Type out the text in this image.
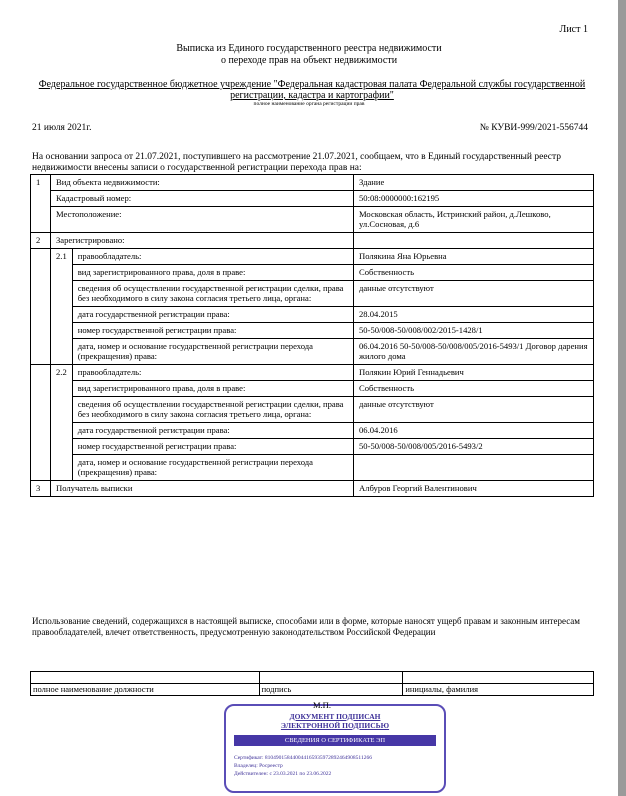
Лист 1
Выписка из Единого государственного реестра недвижимости
о переходе прав на объект недвижимости
Федеральное государственное бюджетное учреждение "Федеральная кадастровая палата Федеральной службы государственной
регистрации, кадастра и картографии"
полное наименование органа регистрации прав
21 июля 2021г.	№ КУВИ-999/2021-556744
На основании запроса от 21.07.2021, поступившего на рассмотрение 21.07.2021, сообщаем, что в Единый государственный реестр недвижимости внесены записи о государственной регистрации перехода прав на:
1	Вид объекта недвижимости:		Здание
	Кадастровый номер:		50:08:0000000:162195
	Местоположение:		Московская область, Истринский район, д.Лешково, ул.Сосновая, д.6
2	Зарегистрировано:		
	2.1	правообладатель:	Полякина Яна Юрьевна
		вид зарегистрированного права, доля в праве:	Собственность
		сведения об осуществлении государственной регистрации сделки, права без необходимого в силу закона согласия третьего лица, органа:	данные отсутствуют
		дата государственной регистрации права:	28.04.2015
		номер государственной регистрации права:	50-50/008-50/008/002/2015-1428/1
		дата, номер и основание государственной регистрации перехода (прекращения) права:	06.04.2016 50-50/008-50/008/005/2016-5493/1 Договор дарения жилого дома
	2.2	правообладатель:	Полякин Юрий Геннадьевич
		вид зарегистрированного права, доля в праве:	Собственность
		сведения об осуществлении государственной регистрации сделки, права без необходимого в силу закона согласия третьего лица, органа:	данные отсутствуют
		дата государственной регистрации права:	06.04.2016
		номер государственной регистрации права:	50-50/008-50/008/005/2016-5493/2
		дата, номер и основание государственной регистрации перехода (прекращения) права:	
3	Получатель выписки		Албуров Георгий Валентинович
Использование сведений, содержащихся в настоящей выписке, способами или в форме, которые наносят ущерб правам и законным интересам правообладателей, влечет ответственность, предусмотренную законодательством Российской Федерации

полное наименование должности	подпись	инициалы, фамилия
ДОКУМЕНТ ПОДПИСАН
ЭЛЕКТРОННОЙ ПОДПИСЬЮ
СВЕДЕНИЯ О СЕРТИФИКАТЕ ЭП
Сертификат: 810490158440044165935972892464908511266
Владелец: Росреестр
Действителен: с 23.03.2021 по 23.06.2022
М.П.
